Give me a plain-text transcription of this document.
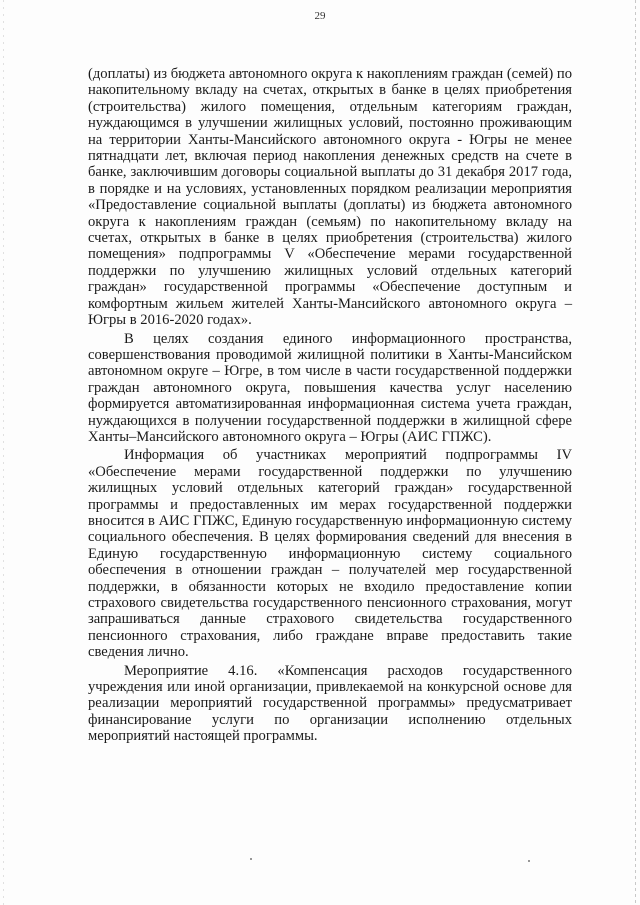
29

(доплаты) из бюджета автономного округа к накоплениям граждан (семей) по накопительному вкладу на счетах, открытых в банке в целях приобретения (строительства) жилого помещения, отдельным категориям граждан, нуждающимся в улучшении жилищных условий, постоянно проживающим на территории Ханты-Мансийского автономного округа - Югры не менее пятнадцати лет, включая период накопления денежных средств на счете в банке, заключившим договоры социальной выплаты до 31 декабря 2017 года, в порядке и на условиях, установленных порядком реализации мероприятия «Предоставление социальной выплаты (доплаты) из бюджета автономного округа к накоплениям граждан (семьям) по накопительному вкладу на счетах, открытых в банке в целях приобретения (строительства) жилого помещения» подпрограммы V «Обеспечение мерами государственной поддержки по улучшению жилищных условий отдельных категорий граждан» государственной программы «Обеспечение доступным и комфортным жильем жителей Ханты-Мансийского автономного округа – Югры в 2016-2020 годах».

В целях создания единого информационного пространства, совершенствования проводимой жилищной политики в Ханты-Мансийском автономном округе – Югре, в том числе в части государственной поддержки граждан автономного округа, повышения качества услуг населению формируется автоматизированная информационная система учета граждан, нуждающихся в получении государственной поддержки в жилищной сфере Ханты–Мансийского автономного округа – Югры (АИС ГПЖС).

Информация об участниках мероприятий подпрограммы IV «Обеспечение мерами государственной поддержки по улучшению жилищных условий отдельных категорий граждан» государственной программы и предоставленных им мерах государственной поддержки вносится в АИС ГПЖС, Единую государственную информационную систему социального обеспечения. В целях формирования сведений для внесения в Единую государственную информационную систему социального обеспечения в отношении граждан – получателей мер государственной поддержки, в обязанности которых не входило предоставление копии страхового свидетельства государственного пенсионного страхования, могут запрашиваться данные страхового свидетельства государственного пенсионного страхования, либо граждане вправе предоставить такие сведения лично.

Мероприятие 4.16. «Компенсация расходов государственного учреждения или иной организации, привлекаемой на конкурсной основе для реализации мероприятий государственной программы» предусматривает финансирование услуги по организации исполнению отдельных мероприятий настоящей программы.
